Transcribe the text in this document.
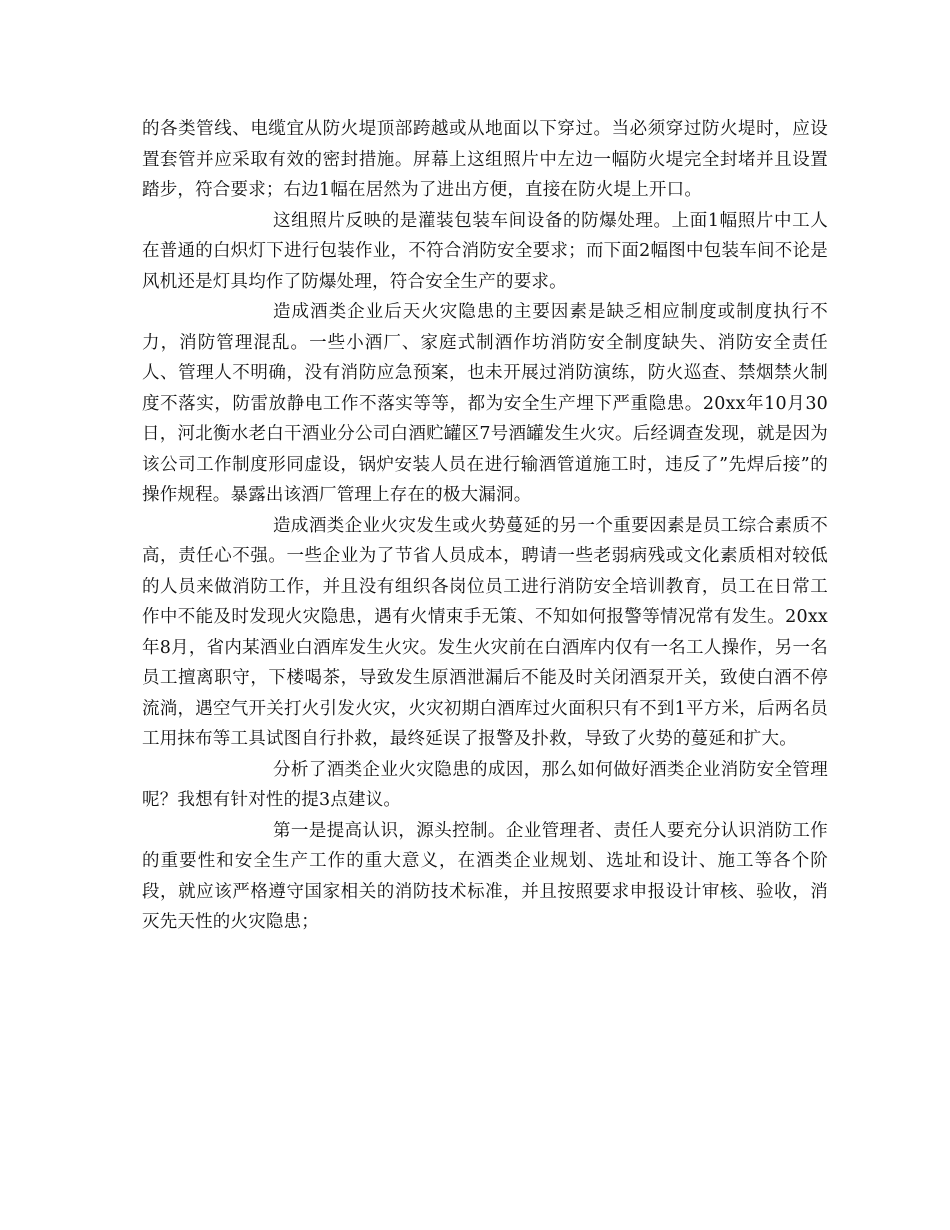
的各类管线、电缆宜从防火堤顶部跨越或从地面以下穿过。当必须穿过防火堤时，应设置套管并应采取有效的密封措施。屏幕上这组照片中左边一幅防火堤完全封堵并且设置踏步，符合要求；右边1幅在居然为了进出方便，直接在防火堤上开口。

这组照片反映的是灌装包装车间设备的防爆处理。上面1幅照片中工人在普通的白炽灯下进行包装作业，不符合消防安全要求；而下面2幅图中包装车间不论是风机还是灯具均作了防爆处理，符合安全生产的要求。

造成酒类企业后天火灾隐患的主要因素是缺乏相应制度或制度执行不力，消防管理混乱。一些小酒厂、家庭式制酒作坊消防安全制度缺失、消防安全责任人、管理人不明确，没有消防应急预案，也未开展过消防演练，防火巡查、禁烟禁火制度不落实，防雷放静电工作不落实等等，都为安全生产埋下严重隐患。20xx年10月30日，河北衡水老白干酒业分公司白酒贮罐区7号酒罐发生火灾。后经调查发现，就是因为该公司工作制度形同虚设，锅炉安装人员在进行输酒管道施工时，违反了”先焊后接”的操作规程。暴露出该酒厂管理上存在的极大漏洞。

造成酒类企业火灾发生或火势蔓延的另一个重要因素是员工综合素质不高，责任心不强。一些企业为了节省人员成本，聘请一些老弱病残或文化素质相对较低的人员来做消防工作，并且没有组织各岗位员工进行消防安全培训教育，员工在日常工作中不能及时发现火灾隐患，遇有火情束手无策、不知如何报警等情况常有发生。20xx年8月，省内某酒业白酒库发生火灾。发生火灾前在白酒库内仅有一名工人操作，另一名员工擅离职守，下楼喝茶，导致发生原酒泄漏后不能及时关闭酒泵开关，致使白酒不停流淌，遇空气开关打火引发火灾，火灾初期白酒库过火面积只有不到1平方米，后两名员工用抹布等工具试图自行扑救，最终延误了报警及扑救，导致了火势的蔓延和扩大。

分析了酒类企业火灾隐患的成因，那么如何做好酒类企业消防安全管理呢？我想有针对性的提3点建议。

第一是提高认识，源头控制。企业管理者、责任人要充分认识消防工作的重要性和安全生产工作的重大意义，在酒类企业规划、选址和设计、施工等各个阶段，就应该严格遵守国家相关的消防技术标准，并且按照要求申报设计审核、验收，消灭先天性的火灾隐患；
